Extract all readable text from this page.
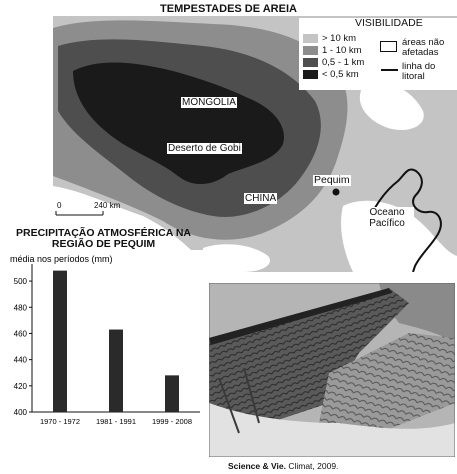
TEMPESTADES DE AREIA
MONGÓLIA
Deserto de Gobi
CHINA
Pequim
Oceano Pacífico
0	240 km
VISIBILIDADE
> 10 km
1 - 10 km
0,5 - 1 km
< 0,5 km
áreas não afetadas
linha do litoral
PRECIPITAÇÃO ATMOSFÉRICA NA REGIÃO DE PEQUIM
média nos períodos (mm)
400
420
440
460
480
500
1970 - 1972 1981 - 1991 1999 - 2008
Science & Vie. Climat, 2009.
